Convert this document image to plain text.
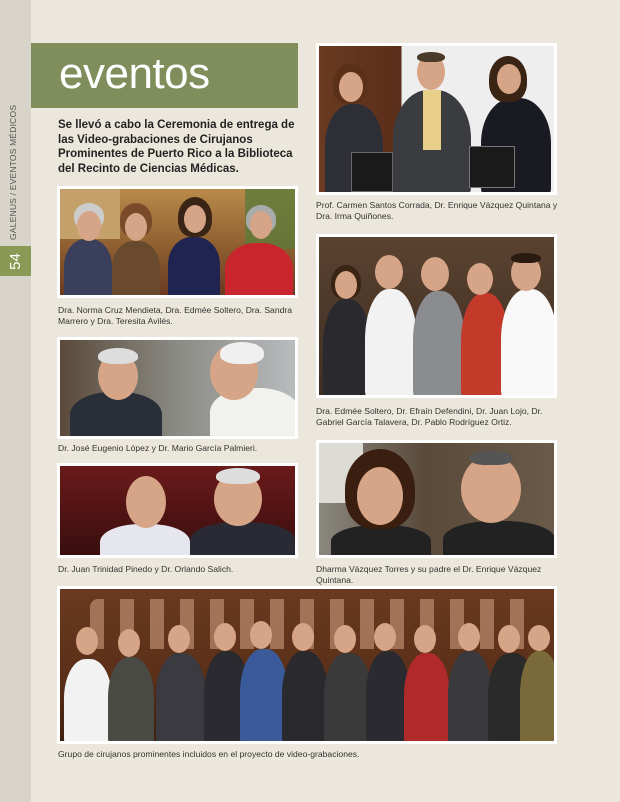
GALENUS / EVENTOS MÉDICOS
54
eventos
Se llevó a cabo la Ceremonia de entrega de las Video-grabaciones de Cirujanos Prominentes de Puerto Rico a la Biblioteca del Recinto de Ciencias Médicas.
Dra. Norma Cruz Mendieta, Dra. Edmée Soltero, Dra. Sandra Marrero y Dra. Teresita Avilés.
Dr. José Eugenio López y Dr. Mario García Palmieri.
Dr. Juan Trinidad Pinedo y Dr. Orlando Salich.
Prof. Carmen Santos Corrada, Dr. Enrique Vázquez Quintana y Dra. Irma Quiñones.
Dra. Edmée Soltero, Dr. Efraín Defendini, Dr. Juan Lojo, Dr. Gabriel García Talavera, Dr. Pablo Rodríguez Ortiz.
Dharma Vázquez Torres y su padre el Dr. Enrique Vázquez Quintana.
Grupo de cirujanos prominentes incluidos en el proyecto de video-grabaciones.
